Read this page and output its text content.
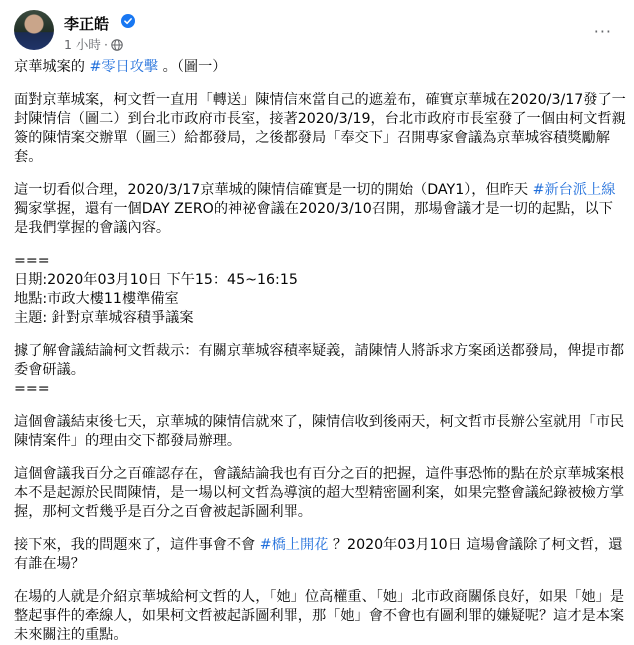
李正皓
1 小時 ·
···

京華城案的 #零日攻擊 。（圖一）

面對京華城案，柯文哲一直用「轉送」陳情信來當自己的遮羞布，確實京華城在2020/3/17發了一封陳情信（圖二）到台北市政府市長室，接著2020/3/19，台北市政府市長室發了一個由柯文哲親簽的陳情案交辦單（圖三）給都發局，之後都發局「奉交下」召開專家會議為京華城容積獎勵解套。

這一切看似合理，2020/3/17京華城的陳情信確實是一切的開始（DAY1），但昨天 #新台派上線 獨家掌握，還有一個DAY ZERO的神祕會議在2020/3/10召開，那場會議才是一切的起點，以下是我們掌握的會議內容。

===
日期:2020年03月10日 下午15：45~16:15
地點:市政大樓11樓準備室
主題: 針對京華城容積爭議案

據了解會議結論柯文哲裁示：有關京華城容積率疑義，請陳情人將訴求方案函送都發局，俾提市都委會研議。
===

這個會議結束後七天，京華城的陳情信就來了，陳情信收到後兩天，柯文哲市長辦公室就用「市民陳情案件」的理由交下都發局辦理。

這個會議我百分之百確認存在，會議結論我也有百分之百的把握，這件事恐怖的點在於京華城案根本不是起源於民間陳情，是一場以柯文哲為導演的超大型精密圖利案，如果完整會議紀錄被檢方掌握，那柯文哲幾乎是百分之百會被起訴圖利罪。

接下來，我的問題來了，這件事會不會 #橋上開花 ？2020年03月10日 這場會議除了柯文哲，還有誰在場？

在場的人就是介紹京華城給柯文哲的人，「她」位高權重、「她」北市政商關係良好，如果「她」是整起事件的牽線人，如果柯文哲被起訴圖利罪，那「她」會不會也有圖利罪的嫌疑呢？這才是本案未來關注的重點。
